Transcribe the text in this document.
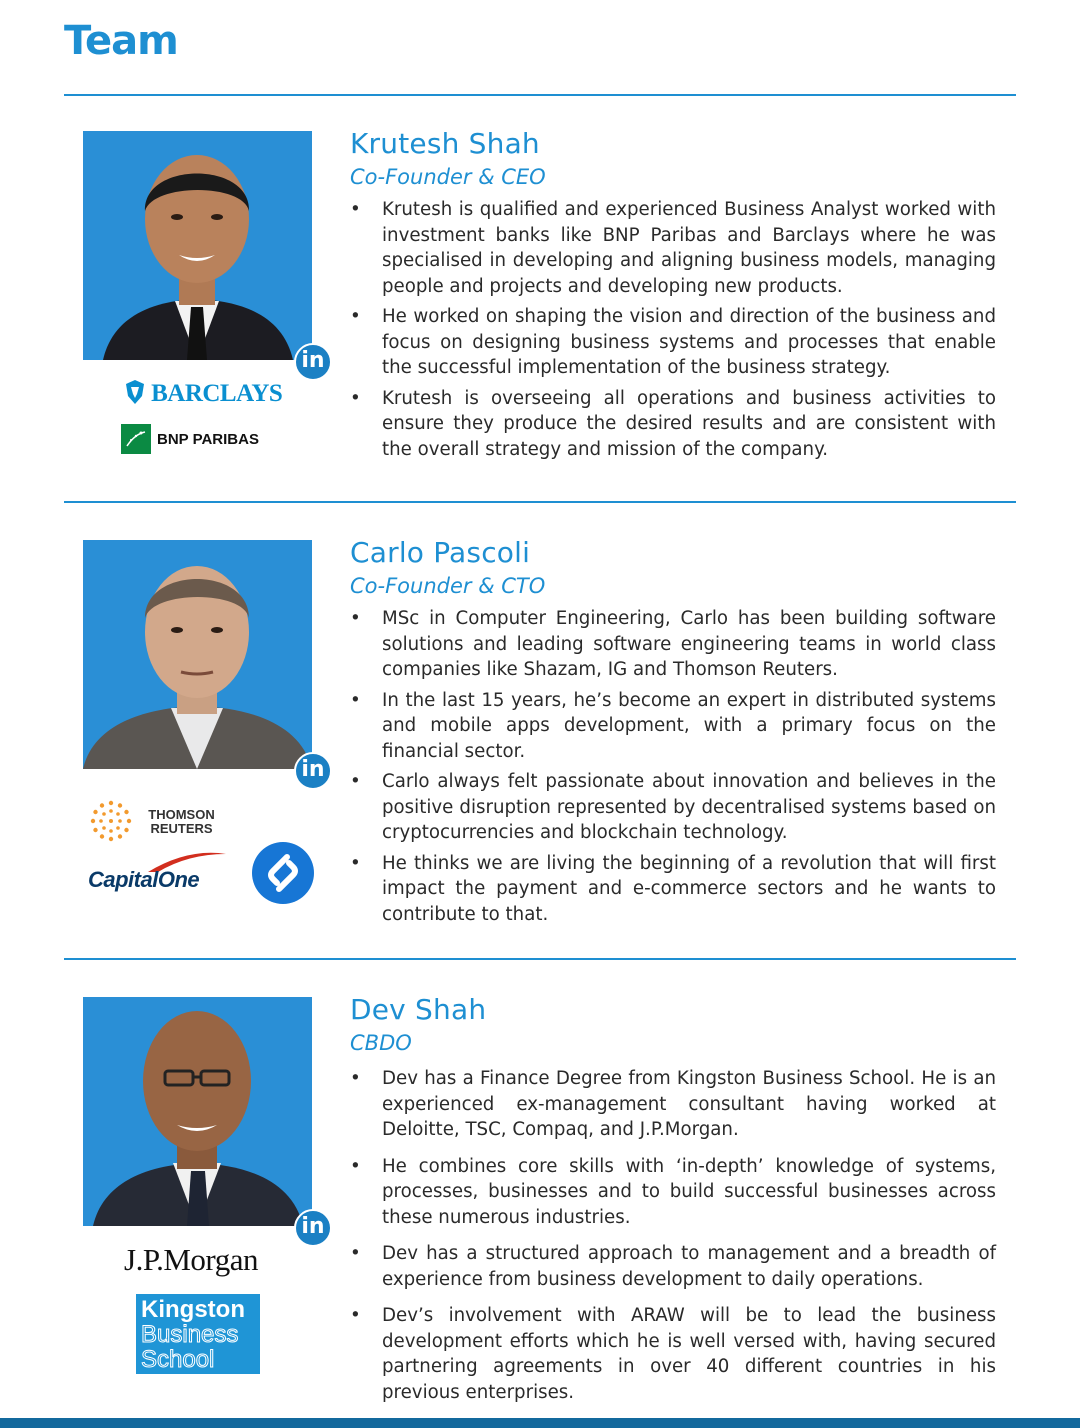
Team
in
BARCLAYS
BNP PARIBAS
Krutesh Shah
Co-Founder & CEO
• Krutesh is qualified and experienced Business Analyst worked with investment banks like BNP Paribas and Barclays where he was specialised in developing and aligning business models, managing people and projects and developing new products.
• He worked on shaping the vision and direction of the business and focus on designing business systems and processes that enable the successful implementation of the business strategy.
• Krutesh is overseeing all operations and business activities to ensure they produce the desired results and are consistent with the overall strategy and mission of the company.
in
THOMSON
REUTERS
CapitalOne
Carlo Pascoli
Co-Founder & CTO
• MSc in Computer Engineering, Carlo has been building software solutions and leading software engineering teams in world class companies like Shazam, IG and Thomson Reuters.
• In the last 15 years, he’s become an expert in distributed systems and mobile apps development, with a primary focus on the financial sector.
• Carlo always felt passionate about innovation and believes in the positive disruption represented by decentralised systems based on cryptocurrencies and blockchain technology.
• He thinks we are living the beginning of a revolution that will first impact the payment and e-commerce sectors and he wants to contribute to that.
in
J.P.Morgan
Kingston
Business
School
Dev Shah
CBDO
• Dev has a Finance Degree from Kingston Business School. He is an experienced ex-management consultant having worked at Deloitte, TSC, Compaq, and J.P.Morgan.
• He combines core skills with ‘in-depth’ knowledge of systems, processes, businesses and to build successful businesses across these numerous industries.
• Dev has a structured approach to management and a breadth of experience from business development to daily operations.
• Dev’s involvement with ARAW will be to lead the business development efforts which he is well versed with, having secured partnering agreements in over 40 different countries in his previous enterprises.
